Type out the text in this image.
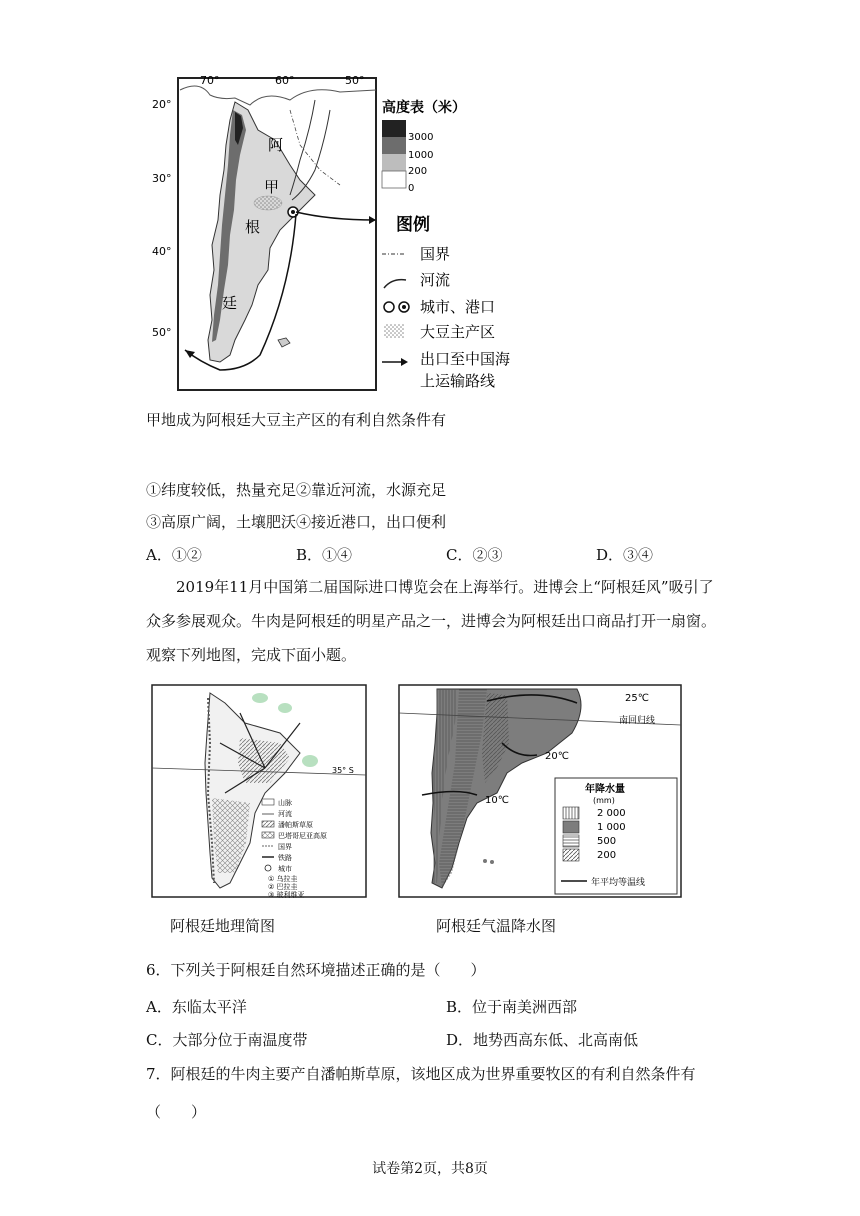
70°	60°	50°
20°
30°
40°
50°
阿
甲
根
廷
高度表（米）
3000
1000
200
0
图例
国界
河流
城市、港口
大豆主产区
出口至中国海
上运输路线
甲地成为阿根廷大豆主产区的有利自然条件有
①纬度较低，热量充足②靠近河流，水源充足
③高原广阔，土壤肥沃④接近港口，出口便利
A．①②	B．①④	C．②③	D．③④
2019年11月中国第二届国际进口博览会在上海举行。进博会上“阿根廷风”吸引了众多参展观众。牛肉是阿根廷的明星产品之一，进博会为阿根廷出口商品打开一扇窗。观察下列地图，完成下面小题。
35° S
山脉
河流
潘帕斯草原
巴塔哥尼亚高原
国界
铁路
城市
① 乌拉圭
② 巴拉圭
③ 玻利维亚
阿根廷地理简图
25℃
南回归线
20℃
10℃
年降水量
(mm)
2 000
1 000
500
200
年平均等温线
阿根廷气温降水图
6．下列关于阿根廷自然环境描述正确的是（　　）
A．东临太平洋	B．位于南美洲西部
C．大部分位于南温度带	D．地势西高东低、北高南低
7．阿根廷的牛肉主要产自潘帕斯草原，该地区成为世界重要牧区的有利自然条件有
（　　）
试卷第2页，共8页
